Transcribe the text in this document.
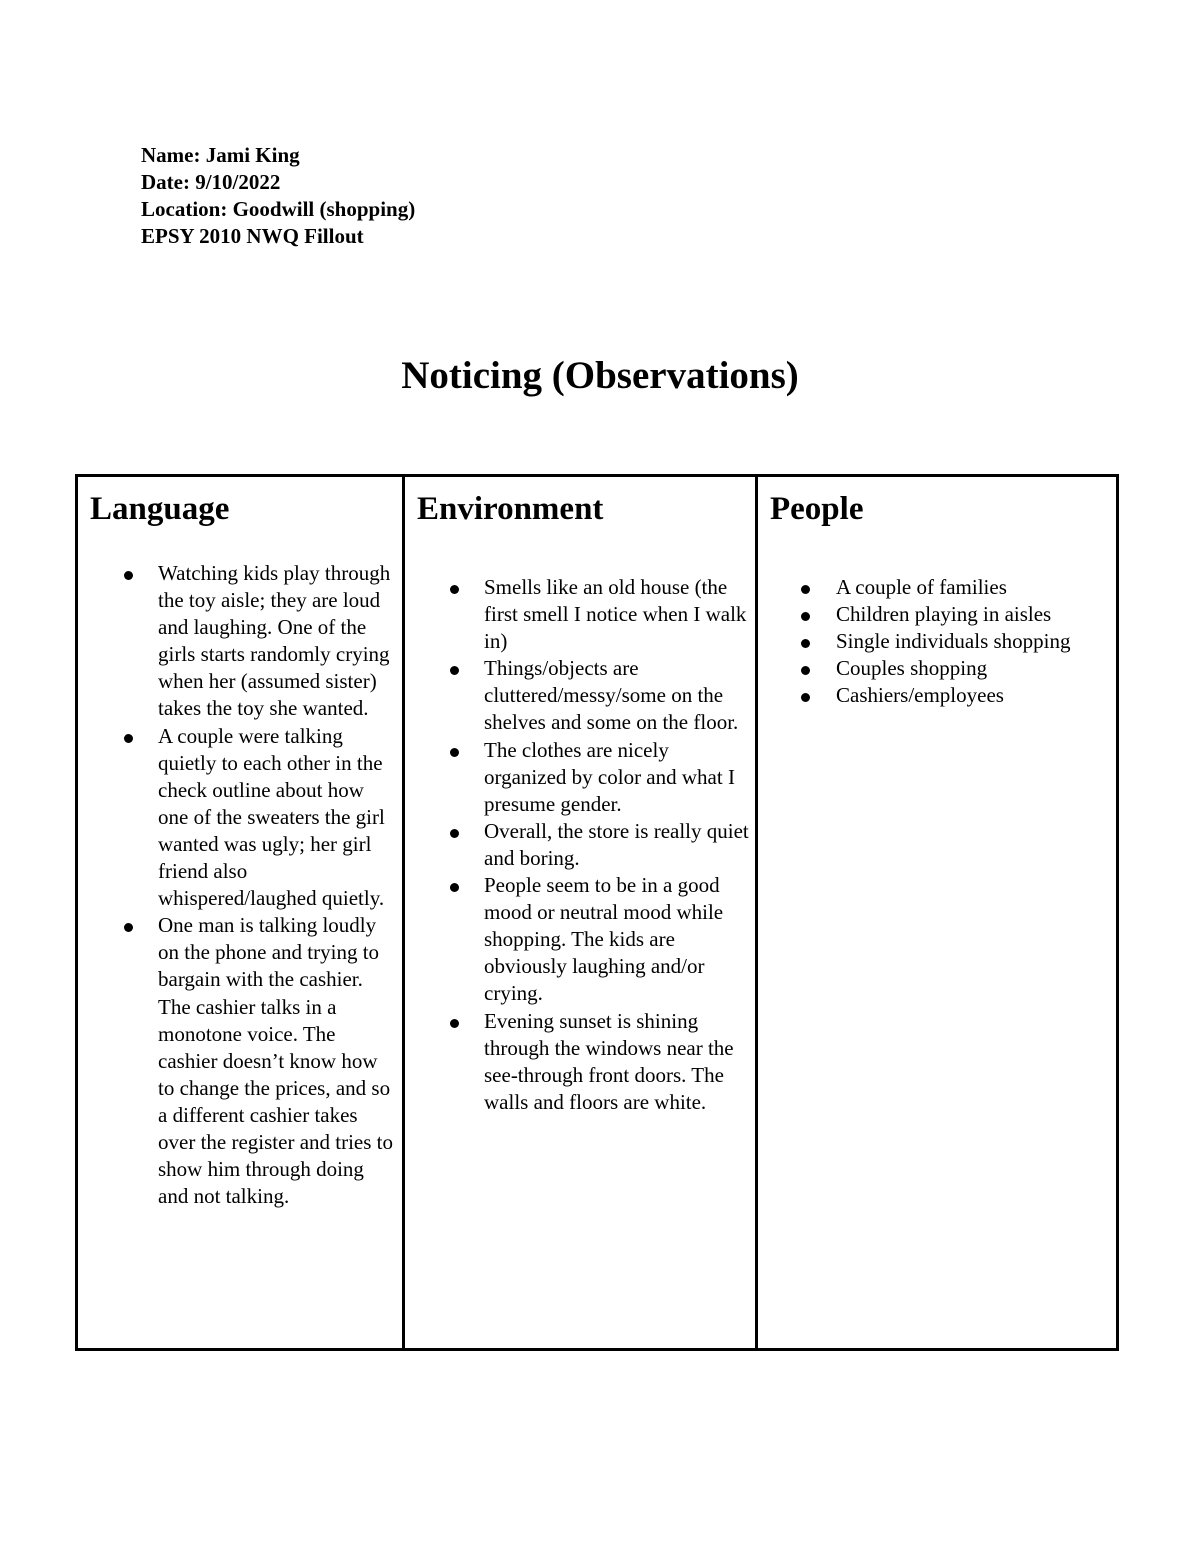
Name: Jami King
Date: 9/10/2022
Location: Goodwill (shopping)
EPSY 2010 NWQ Fillout
Noticing (Observations)
Language
Watching kids play through the toy aisle; they are loud and laughing. One of the girls starts randomly crying when her (assumed sister) takes the toy she wanted.
A couple were talking quietly to each other in the check outline about how one of the sweaters the girl wanted was ugly; her girl friend also whispered/laughed quietly.
One man is talking loudly on the phone and trying to bargain with the cashier. The cashier talks in a monotone voice. The cashier doesn’t know how to change the prices, and so a different cashier takes over the register and tries to show him through doing and not talking.
Environment
Smells like an old house (the first smell I notice when I walk in)
Things/objects are cluttered/messy/some on the shelves and some on the floor.
The clothes are nicely organized by color and what I presume gender.
Overall, the store is really quiet and boring.
People seem to be in a good mood or neutral mood while shopping. The kids are obviously laughing and/or crying.
Evening sunset is shining through the windows near the see-through front doors. The walls and floors are white.
People
A couple of families
Children playing in aisles
Single individuals shopping
Couples shopping
Cashiers/employees
